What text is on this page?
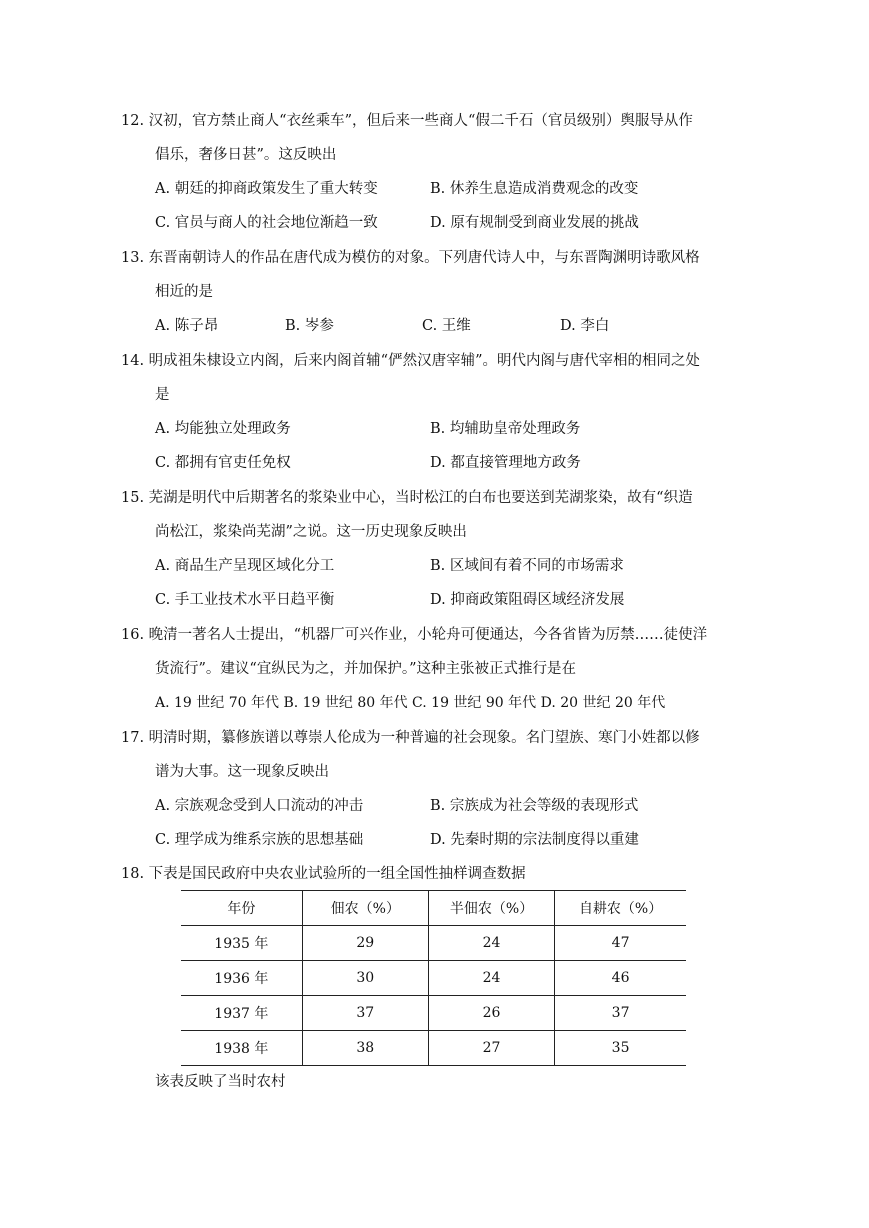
12. 汉初，官方禁止商人“衣丝乘车”，但后来一些商人“假二千石（官员级别）舆服导从作
倡乐，奢侈日甚”。这反映出
A. 朝廷的抑商政策发生了重大转变	B. 休养生息造成消费观念的改变
C. 官员与商人的社会地位渐趋一致	D. 原有规制受到商业发展的挑战
13. 东晋南朝诗人的作品在唐代成为模仿的对象。下列唐代诗人中，与东晋陶渊明诗歌风格
相近的是
A. 陈子昂	B. 岑参	C. 王维	D. 李白
14. 明成祖朱棣设立内阁，后来内阁首辅“俨然汉唐宰辅”。明代内阁与唐代宰相的相同之处
是
A. 均能独立处理政务	B. 均辅助皇帝处理政务
C. 都拥有官吏任免权	D. 都直接管理地方政务
15. 芜湖是明代中后期著名的浆染业中心，当时松江的白布也要送到芜湖浆染，故有“织造
尚松江，浆染尚芜湖”之说。这一历史现象反映出
A. 商品生产呈现区域化分工	B. 区域间有着不同的市场需求
C. 手工业技术水平日趋平衡	D. 抑商政策阻碍区域经济发展
16. 晚清一著名人士提出，“机器厂可兴作业，小轮舟可便通达，今各省皆为厉禁……徒使洋
货流行”。建议“宜纵民为之，并加保护。”这种主张被正式推行是在
A. 19 世纪 70 年代 B. 19 世纪 80 年代 C. 19 世纪 90 年代 D. 20 世纪 20 年代
17. 明清时期，纂修族谱以尊崇人伦成为一种普遍的社会现象。名门望族、寒门小姓都以修
谱为大事。这一现象反映出
A. 宗族观念受到人口流动的冲击	B. 宗族成为社会等级的表现形式
C. 理学成为维系宗族的思想基础	D. 先秦时期的宗法制度得以重建
18. 下表是国民政府中央农业试验所的一组全国性抽样调查数据
年份	佃农（%）	半佃农（%）	自耕农（%）
1935 年	29	24	47
1936 年	30	24	46
1937 年	37	26	37
1938 年	38	27	35
该表反映了当时农村
